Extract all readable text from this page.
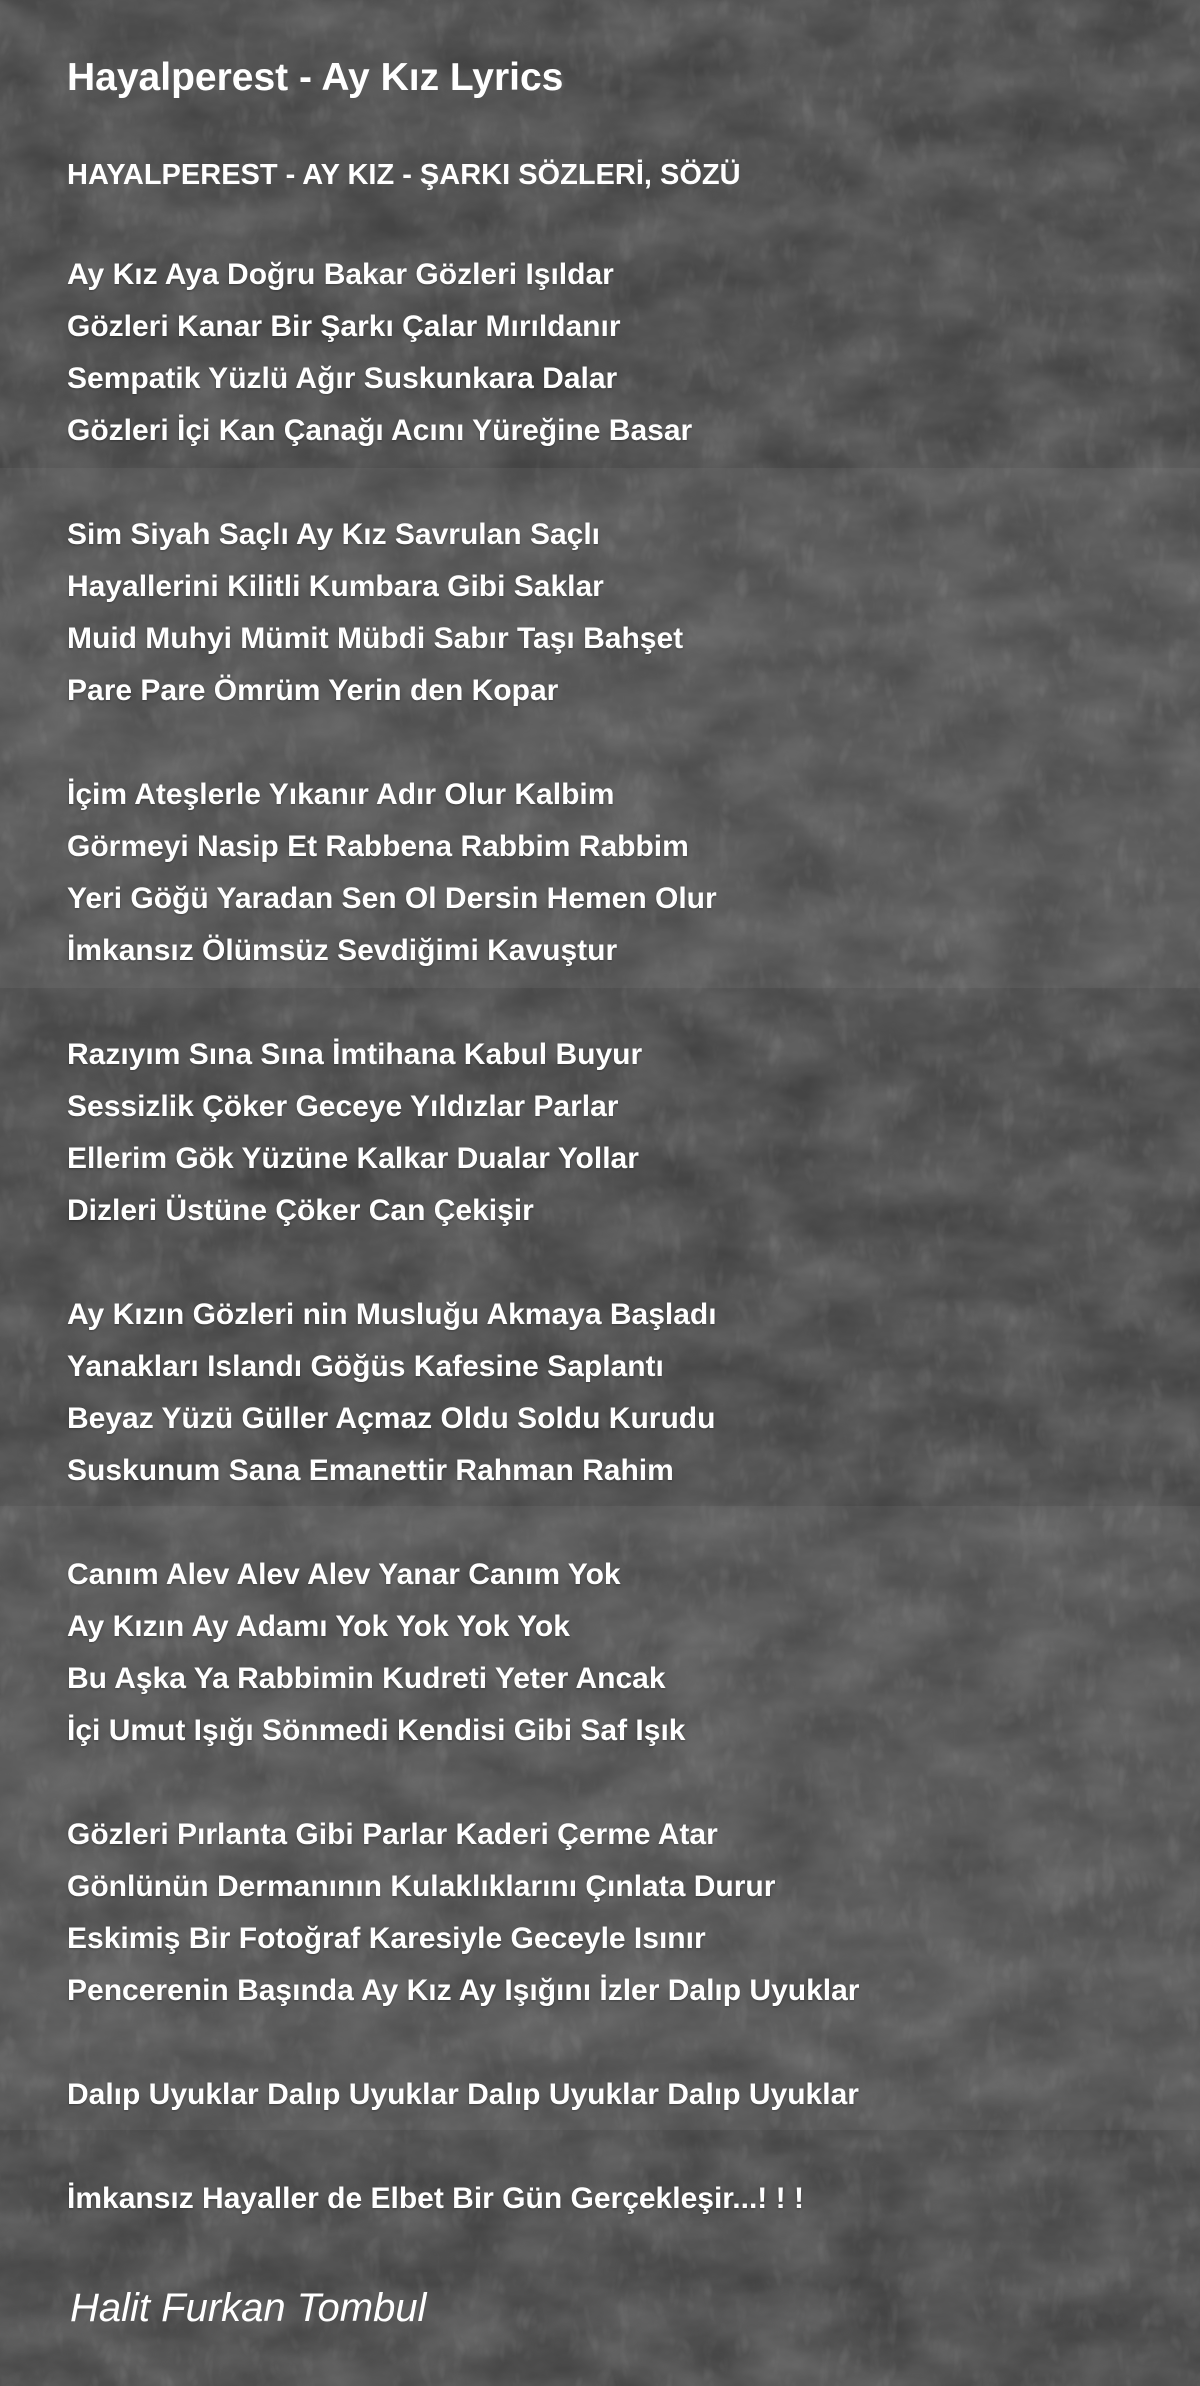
Hayalperest - Ay Kız Lyrics
HAYALPEREST - AY KIZ - ŞARKI SÖZLERİ, SÖZÜ
Ay Kız Aya Doğru Bakar Gözleri Işıldar
Gözleri Kanar Bir Şarkı Çalar Mırıldanır
Sempatik Yüzlü Ağır Suskunkara Dalar
Gözleri İçi Kan Çanağı Acını Yüreğine Basar
Sim Siyah Saçlı Ay Kız Savrulan Saçlı
Hayallerini Kilitli Kumbara Gibi Saklar
Muid Muhyi Mümit Mübdi Sabır Taşı Bahşet
Pare Pare Ömrüm Yerin den Kopar
İçim Ateşlerle Yıkanır Adır Olur Kalbim
Görmeyi Nasip Et Rabbena Rabbim Rabbim
Yeri Göğü Yaradan Sen Ol Dersin Hemen Olur
İmkansız Ölümsüz Sevdiğimi Kavuştur
Razıyım Sına Sına İmtihana Kabul Buyur
Sessizlik Çöker Geceye Yıldızlar Parlar
Ellerim Gök Yüzüne Kalkar Dualar Yollar
Dizleri Üstüne Çöker Can Çekişir
Ay Kızın Gözleri nin Musluğu Akmaya Başladı
Yanakları Islandı Göğüs Kafesine Saplantı
Beyaz Yüzü Güller Açmaz Oldu Soldu Kurudu
Suskunum Sana Emanettir Rahman Rahim
Canım Alev Alev Alev Yanar Canım Yok
Ay Kızın Ay Adamı Yok Yok Yok Yok
Bu Aşka Ya Rabbimin Kudreti Yeter Ancak
İçi Umut Işığı Sönmedi Kendisi Gibi Saf Işık
Gözleri Pırlanta Gibi Parlar Kaderi Çerme Atar
Gönlünün Dermanının Kulaklıklarını Çınlata Durur
Eskimiş Bir Fotoğraf Karesiyle Geceyle Isınır
Pencerenin Başında Ay Kız Ay Işığını İzler Dalıp Uyuklar
Dalıp Uyuklar Dalıp Uyuklar Dalıp Uyuklar Dalıp Uyuklar
İmkansız Hayaller de Elbet Bir Gün Gerçekleşir...! ! !
Halit Furkan Tombul
